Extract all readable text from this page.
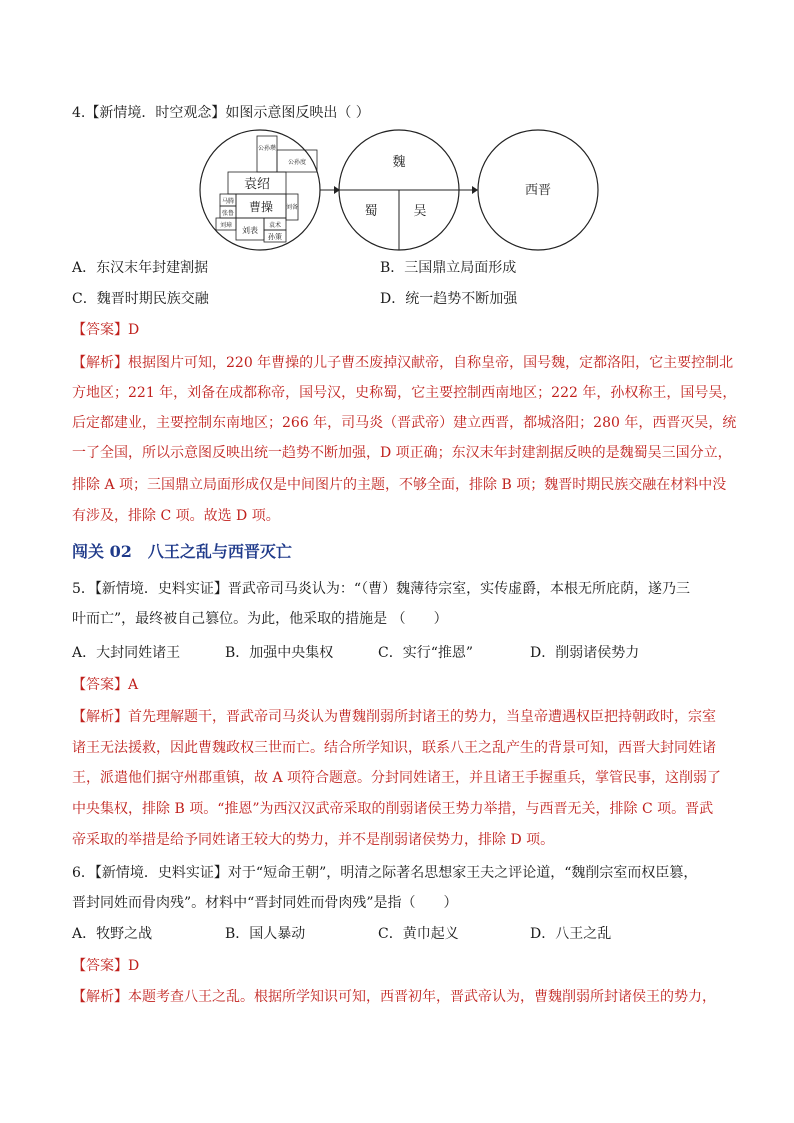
4.【新情境．时空观念】如图示意图反映出（ ）
公孙瓒
公孙度
袁绍
刘备
马腾
张鲁 曹操
刘璋
刘表
袁术
孙策
魏
蜀	吴
西晋
A．东汉末年封建割据	B．三国鼎立局面形成
C．魏晋时期民族交融	D．统一趋势不断加强
【答案】D
【解析】根据图片可知，220 年曹操的儿子曹丕废掉汉献帝，自称皇帝，国号魏，定都洛阳，它主要控制北
方地区；221 年，刘备在成都称帝，国号汉，史称蜀，它主要控制西南地区；222 年，孙权称王，国号吴，
后定都建业，主要控制东南地区；266 年，司马炎（晋武帝）建立西晋，都城洛阳；280 年，西晋灭吴，统
一了全国，所以示意图反映出统一趋势不断加强，D 项正确；东汉末年封建割据反映的是魏蜀吴三国分立，
排除 A 项；三国鼎立局面形成仅是中间图片的主题，不够全面，排除 B 项；魏晋时期民族交融在材料中没
有涉及，排除 C 项。故选 D 项。
闯关 02　八王之乱与西晋灭亡
5．【新情境．史料实证】晋武帝司马炎认为：“（曹）魏薄待宗室，实传虚爵，本根无所庇荫，遂乃三
叶而亡”，最终被自己篡位。为此，他采取的措施是 （　　）
A．大封同姓诸王	B．加强中央集权	C．实行“推恩”	D．削弱诸侯势力
【答案】A
【解析】首先理解题干，晋武帝司马炎认为曹魏削弱所封诸王的势力，当皇帝遭遇权臣把持朝政时，宗室
诸王无法援救，因此曹魏政权三世而亡。结合所学知识，联系八王之乱产生的背景可知，西晋大封同姓诸
王，派遣他们据守州郡重镇，故 A 项符合题意。分封同姓诸王，并且诸王手握重兵，掌管民事，这削弱了
中央集权，排除 B 项。“推恩”为西汉汉武帝采取的削弱诸侯王势力举措，与西晋无关，排除 C 项。晋武
帝采取的举措是给予同姓诸王较大的势力，并不是削弱诸侯势力，排除 D 项。
6．【新情境．史料实证】对于“短命王朝”，明清之际著名思想家王夫之评论道，“魏削宗室而权臣篡，
晋封同姓而骨肉残”。材料中“晋封同姓而骨肉残”是指（　　）
A．牧野之战	B．国人暴动	C．黄巾起义	D．八王之乱
【答案】D
【解析】本题考查八王之乱。根据所学知识可知，西晋初年，晋武帝认为，曹魏削弱所封诸侯王的势力，
